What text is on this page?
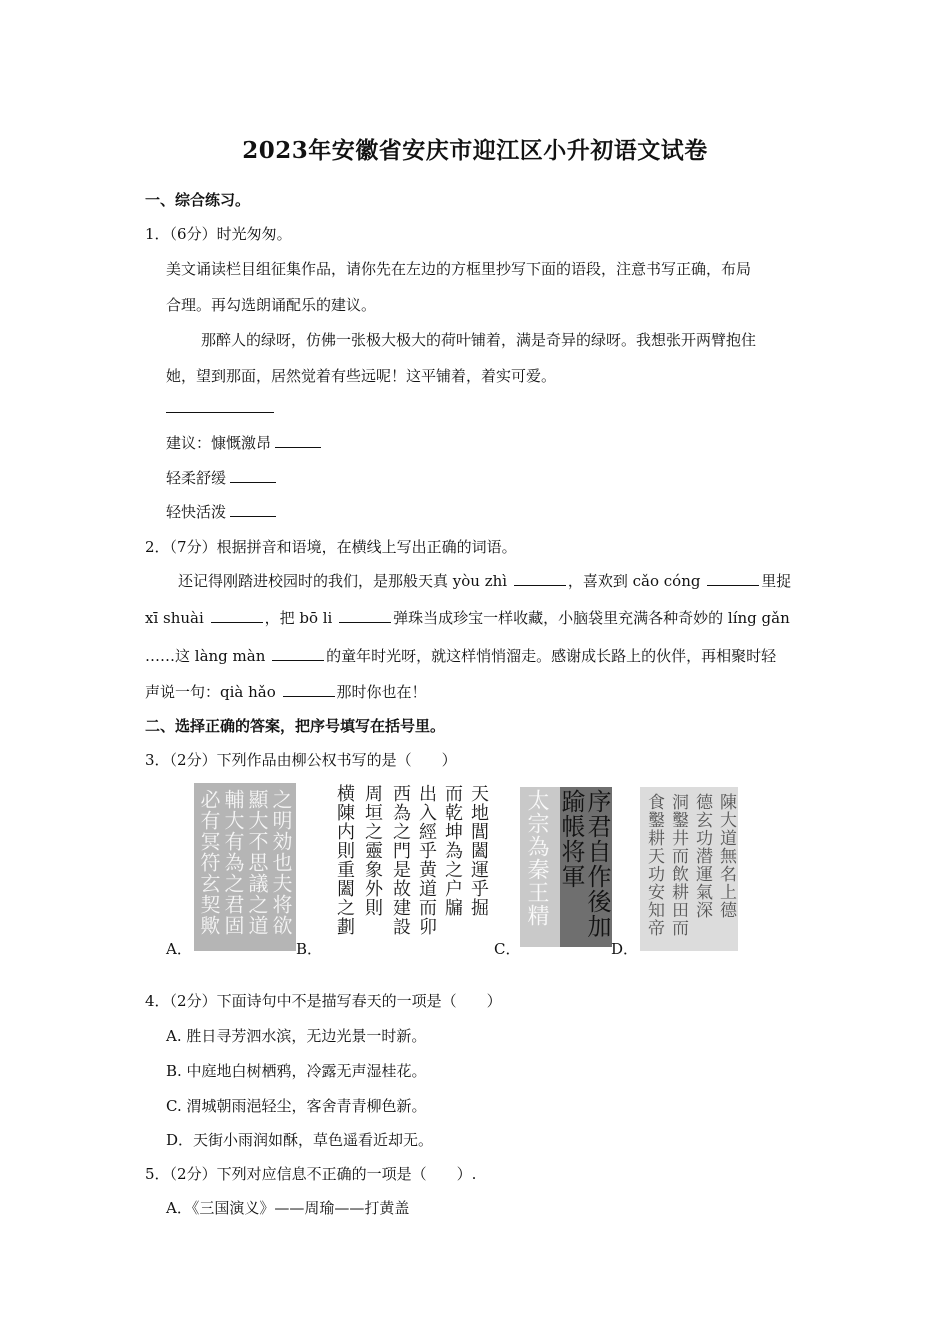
2023年安徽省安庆市迎江区小升初语文试卷
一、综合练习。
1．（6分）时光匆匆。
美文诵读栏目组征集作品，请你先在左边的方框里抄写下面的语段，注意书写正确，布局
合理。再勾选朗诵配乐的建议。
那醉人的绿呀，仿佛一张极大极大的荷叶铺着，满是奇异的绿呀。我想张开两臂抱住
她，望到那面，居然觉着有些远呢！这平铺着，着实可爱。
建议：慷慨激昂
轻柔舒缓
轻快活泼
2．（7分）根据拼音和语境，在横线上写出正确的词语。
还记得刚踏进校园时的我们，是那般天真 yòu zhì	，喜欢到 cǎo cóng	里捉
xī shuài	，把 bō li	弹珠当成珍宝一样收藏，小脑袋里充满各种奇妙的 líng gǎn
……这 làng màn	的童年时光呀，就这样悄悄溜走。感谢成长路上的伙伴，再相聚时轻
声说一句：qià hǎo	那时你也在！
二、选择正确的答案，把序号填写在括号里。
3．（2分）下列作品由柳公权书写的是（　　）
之明効也夫将欲
顯大不思議之道
輔大有為之君固
必有冥符玄契歟	天地閶闔運乎掘
而乾坤為之户牖
出入經乎黄道而卯
西為之門是故建設
周垣之靈象外則
横陳内則重闔之劃	序君自作後加
踰帳将軍
太宗為秦王精	陳大道無名上德
德玄功潜運氣深
洞鑿井而飲耕田而
食鑿耕天功安知帝
A．	B．	C．	D．
4．（2分）下面诗句中不是描写春天的一项是（　　）
A. 胜日寻芳泗水滨，无边光景一时新。
B. 中庭地白树栖鸦，冷露无声湿桂花。
C. 渭城朝雨浥轻尘，客舍青青柳色新。
D．天街小雨润如酥，草色遥看近却无。
5．（2分）下列对应信息不正确的一项是（　　）.
A．《三国演义》——周瑜——打黄盖
